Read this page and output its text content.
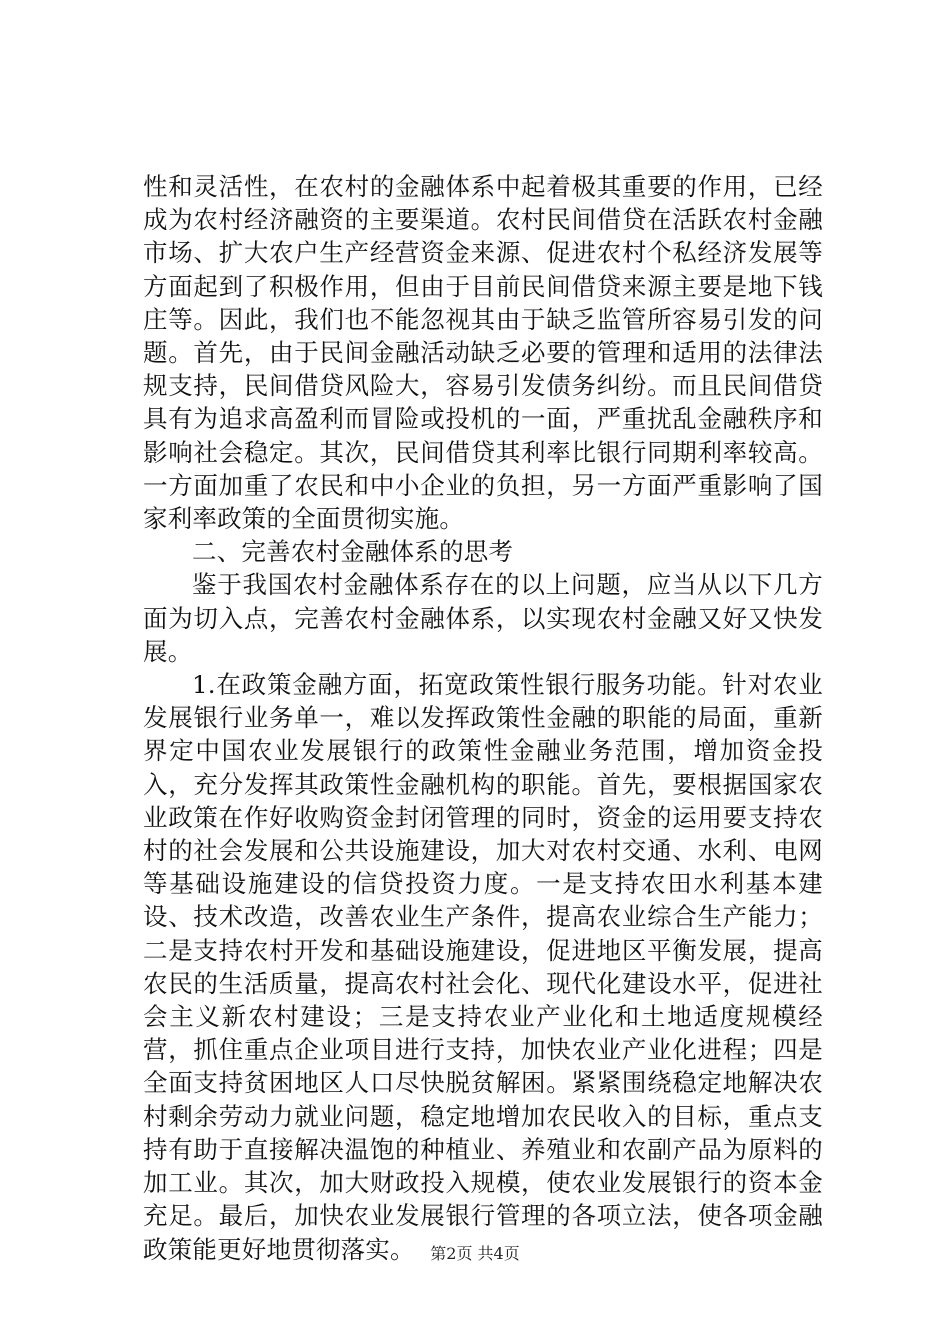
性和灵活性，在农村的金融体系中起着极其重要的作用，已经成为农村经济融资的主要渠道。农村民间借贷在活跃农村金融市场、扩大农户生产经营资金来源、促进农村个私经济发展等方面起到了积极作用，但由于目前民间借贷来源主要是地下钱庄等。因此，我们也不能忽视其由于缺乏监管所容易引发的问题。首先，由于民间金融活动缺乏必要的管理和适用的法律法规支持，民间借贷风险大，容易引发债务纠纷。而且民间借贷具有为追求高盈利而冒险或投机的一面，严重扰乱金融秩序和影响社会稳定。其次，民间借贷其利率比银行同期利率较高。一方面加重了农民和中小企业的负担，另一方面严重影响了国家利率政策的全面贯彻实施。

二、完善农村金融体系的思考

鉴于我国农村金融体系存在的以上问题，应当从以下几方面为切入点，完善农村金融体系，以实现农村金融又好又快发展。

1.在政策金融方面，拓宽政策性银行服务功能。针对农业发展银行业务单一，难以发挥政策性金融的职能的局面，重新界定中国农业发展银行的政策性金融业务范围，增加资金投入，充分发挥其政策性金融机构的职能。首先，要根据国家农业政策在作好收购资金封闭管理的同时，资金的运用要支持农村的社会发展和公共设施建设，加大对农村交通、水利、电网等基础设施建设的信贷投资力度。一是支持农田水利基本建设、技术改造，改善农业生产条件，提高农业综合生产能力；二是支持农村开发和基础设施建设，促进地区平衡发展，提高农民的生活质量，提高农村社会化、现代化建设水平，促进社会主义新农村建设；三是支持农业产业化和土地适度规模经营，抓住重点企业项目进行支持，加快农业产业化进程；四是全面支持贫困地区人口尽快脱贫解困。紧紧围绕稳定地解决农村剩余劳动力就业问题，稳定地增加农民收入的目标，重点支持有助于直接解决温饱的种植业、养殖业和农副产品为原料的加工业。其次，加大财政投入规模，使农业发展银行的资本金充足。最后，加快农业发展银行管理的各项立法，使各项金融政策能更好地贯彻落实。 第2页 共4页
